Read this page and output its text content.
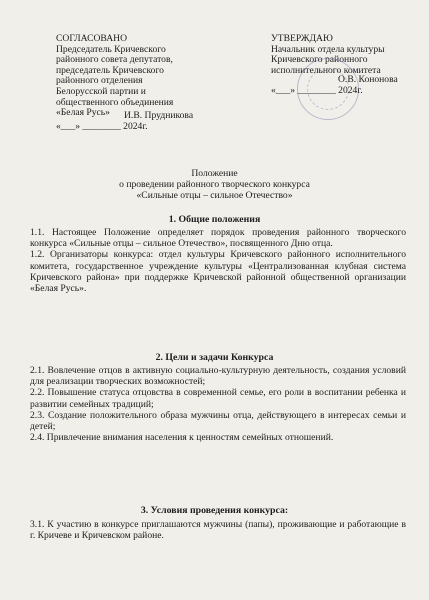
СОГЛАСОВАНО
Председатель Кричевского
районного совета депутатов,
председатель Кричевского
районного отделения
Белорусской партии и
общественного объединения
«Белая Русь»	И.В. Прудникова
«___» ________ 2024г.
УТВЕРЖДАЮ
Начальник отдела культуры
Кричевского районного
исполнительного комитета
О.В. Кононова
«___» ________ 2024г.
Положение
о проведении районного творческого конкурса
«Сильные отцы – сильное Отечество»
1. Общие положения

1.1. Настоящее Положение определяет порядок проведения районного творческого конкурса «Сильные отцы – сильное Отечество», посвященного Дню отца.

1.2. Организаторы конкурса: отдел культуры Кричевского районного исполнительного комитета, государственное учреждение культуры «Централизованная клубная система Кричевского района» при поддержке Кричевской районной общественной организации «Белая Русь».

2. Цели и задачи Конкурса

2.1. Вовлечение отцов в активную социально-культурную деятельность, создания условий для реализации творческих возможностей;

2.2. Повышение статуса отцовства в современной семье, его роли в воспитании ребенка и развитии семейных традиций;

2.3. Создание положительного образа мужчины отца, действующего в интересах семьи и детей;

2.4. Привлечение внимания населения к ценностям семейных отношений.

3. Условия проведения конкурса:

3.1. К участию в конкурсе приглашаются мужчины (папы), проживающие и работающие в г. Кричеве и Кричевском районе.
